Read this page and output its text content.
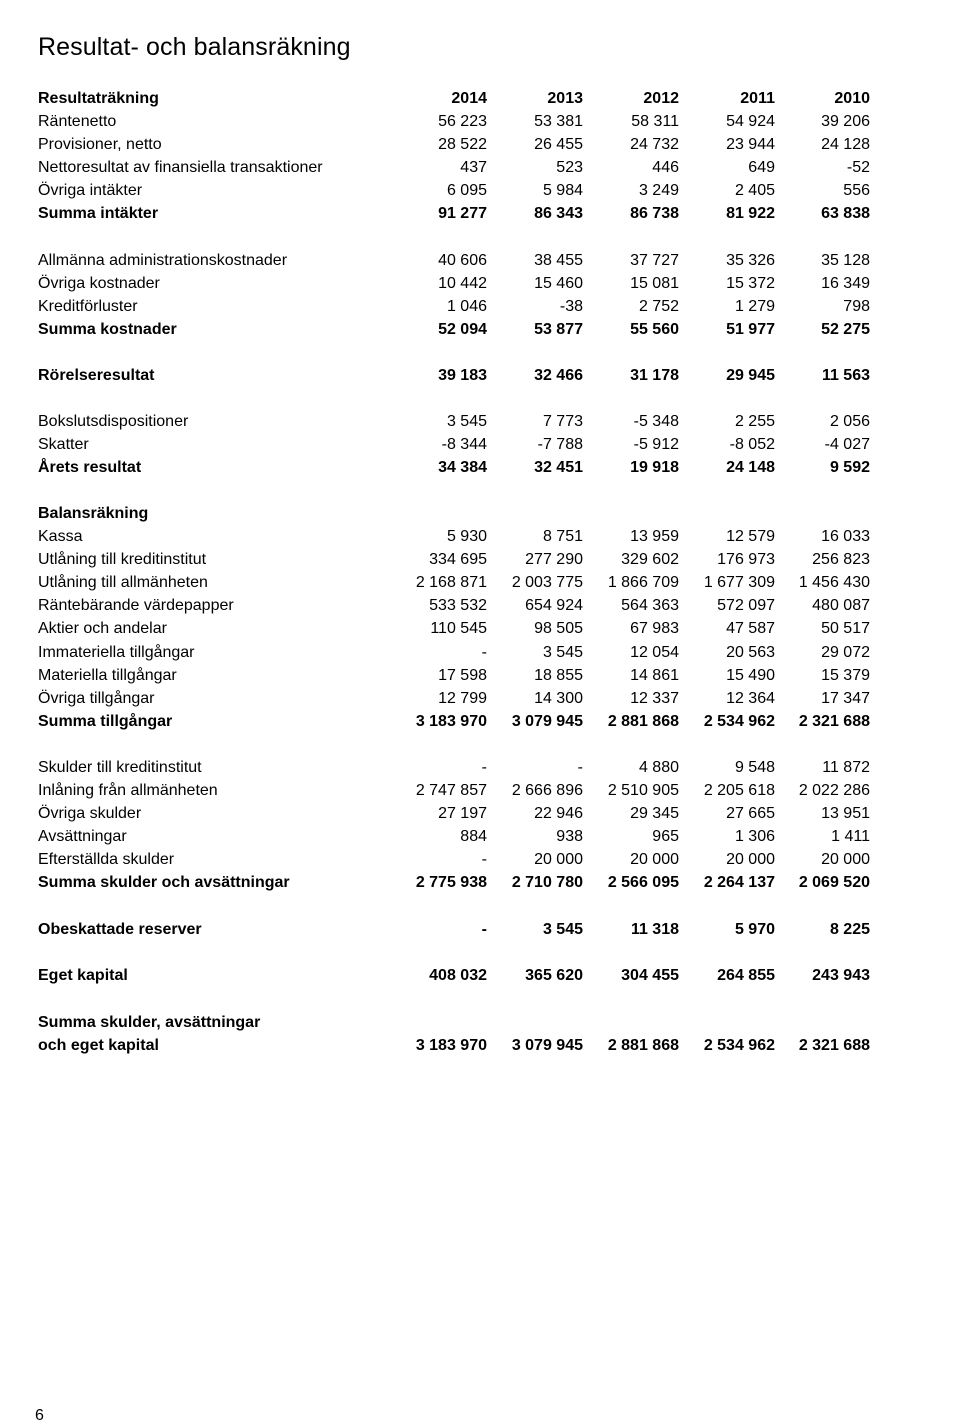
Resultat- och balansräkning
Resultaträkning	2014	2013	2012	2011	2010
Räntenetto	56 223	53 381	58 311	54 924	39 206
Provisioner, netto	28 522	26 455	24 732	23 944	24 128
Nettoresultat av finansiella transaktioner	437	523	446	649	-52
Övriga intäkter	6 095	5 984	3 249	2 405	556
Summa intäkter	91 277	86 343	86 738	81 922	63 838
Allmänna administrationskostnader	40 606	38 455	37 727	35 326	35 128
Övriga kostnader	10 442	15 460	15 081	15 372	16 349
Kreditförluster	1 046	-38	2 752	1 279	798
Summa kostnader	52 094	53 877	55 560	51 977	52 275
Rörelseresultat	39 183	32 466	31 178	29 945	11 563
Bokslutsdispositioner	3 545	7 773	-5 348	2 255	2 056
Skatter	-8 344	-7 788	-5 912	-8 052	-4 027
Årets resultat	34 384	32 451	19 918	24 148	9 592
Balansräkning
Kassa	5 930	8 751	13 959	12 579	16 033
Utlåning till kreditinstitut	334 695	277 290	329 602	176 973	256 823
Utlåning till allmänheten	2 168 871	2 003 775	1 866 709	1 677 309	1 456 430
Räntebärande värdepapper	533 532	654 924	564 363	572 097	480 087
Aktier och andelar	110 545	98 505	67 983	47 587	50 517
Immateriella tillgångar	-	3 545	12 054	20 563	29 072
Materiella tillgångar	17 598	18 855	14 861	15 490	15 379
Övriga tillgångar	12 799	14 300	12 337	12 364	17 347
Summa tillgångar	3 183 970	3 079 945	2 881 868	2 534 962	2 321 688
Skulder till kreditinstitut	-	-	4 880	9 548	11 872
Inlåning från allmänheten	2 747 857	2 666 896	2 510 905	2 205 618	2 022 286
Övriga skulder	27 197	22 946	29 345	27 665	13 951
Avsättningar	884	938	965	1 306	1 411
Efterställda skulder	-	20 000	20 000	20 000	20 000
Summa skulder och avsättningar	2 775 938	2 710 780	2 566 095	2 264 137	2 069 520
Obeskattade reserver	-	3 545	11 318	5 970	8 225
Eget kapital	408 032	365 620	304 455	264 855	243 943
Summa skulder, avsättningar
och eget kapital	3 183 970	3 079 945	2 881 868	2 534 962	2 321 688
6
